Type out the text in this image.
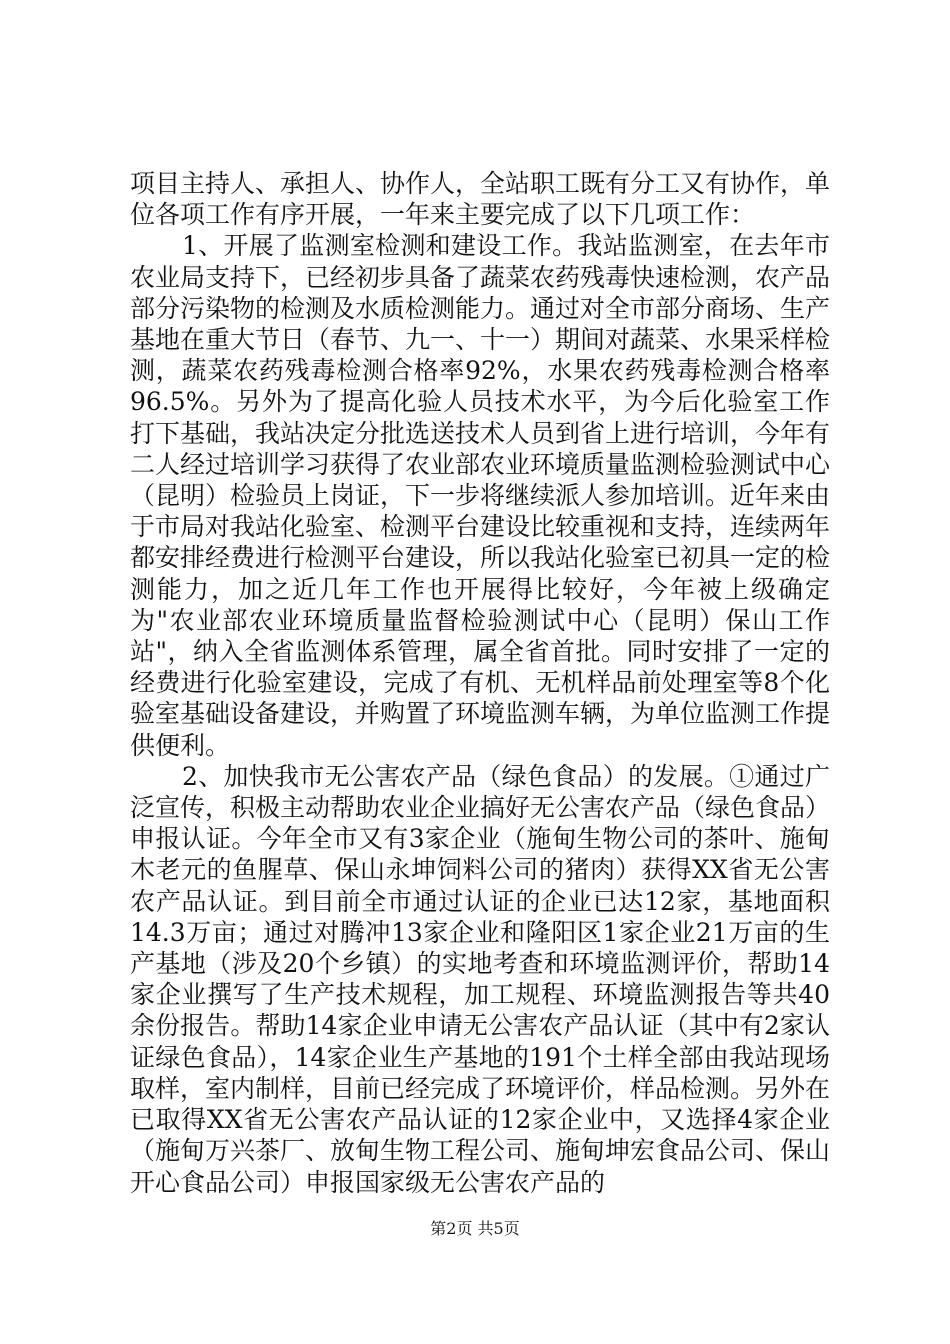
项目主持人、承担人、协作人，全站职工既有分工又有协作，单位各项工作有序开展，一年来主要完成了以下几项工作：

1、开展了监测室检测和建设工作。我站监测室，在去年市农业局支持下，已经初步具备了蔬菜农药残毒快速检测，农产品部分污染物的检测及水质检测能力。通过对全市部分商场、生产基地在重大节日（春节、九一、十一）期间对蔬菜、水果采样检测，蔬菜农药残毒检测合格率92%，水果农药残毒检测合格率96.5%。另外为了提高化验人员技术水平，为今后化验室工作打下基础，我站决定分批选送技术人员到省上进行培训，今年有二人经过培训学习获得了农业部农业环境质量监测检验测试中心（昆明）检验员上岗证，下一步将继续派人参加培训。近年来由于市局对我站化验室、检测平台建设比较重视和支持，连续两年都安排经费进行检测平台建设，所以我站化验室已初具一定的检测能力，加之近几年工作也开展得比较好，今年被上级确定为"农业部农业环境质量监督检验测试中心（昆明）保山工作站"，纳入全省监测体系管理，属全省首批。同时安排了一定的经费进行化验室建设，完成了有机、无机样品前处理室等8个化验室基础设备建设，并购置了环境监测车辆，为单位监测工作提供便利。

2、加快我市无公害农产品（绿色食品）的发展。①通过广泛宣传，积极主动帮助农业企业搞好无公害农产品（绿色食品）申报认证。今年全市又有3家企业（施甸生物公司的茶叶、施甸木老元的鱼腥草、保山永坤饲料公司的猪肉）获得XX省无公害农产品认证。到目前全市通过认证的企业已达12家，基地面积14.3万亩；通过对腾冲13家企业和隆阳区1家企业21万亩的生产基地（涉及20个乡镇）的实地考查和环境监测评价，帮助14家企业撰写了生产技术规程，加工规程、环境监测报告等共40余份报告。帮助14家企业申请无公害农产品认证（其中有2家认证绿色食品），14家企业生产基地的191个土样全部由我站现场取样，室内制样，目前已经完成了环境评价，样品检测。另外在已取得XX省无公害农产品认证的12家企业中，又选择4家企业（施甸万兴茶厂、放甸生物工程公司、施甸坤宏食品公司、保山开心食品公司）申报国家级无公害农产品的

第2页 共5页
